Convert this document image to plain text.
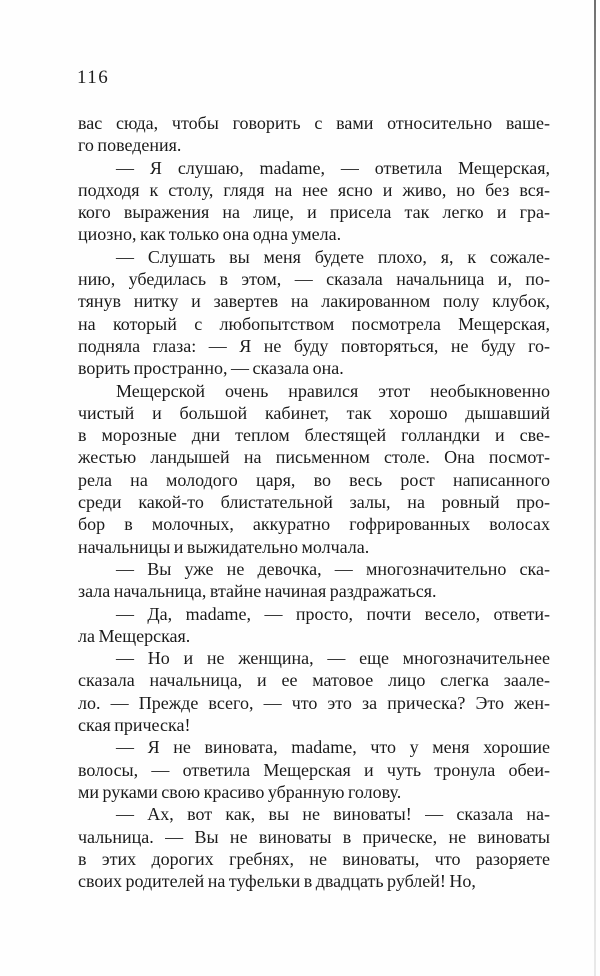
116
вас сюда, чтобы говорить с вами относительно ваше-
го поведения.
— Я слушаю, madame, — ответила Мещерская,
подходя к столу, глядя на нее ясно и живо, но без вся-
кого выражения на лице, и присела так легко и гра-
циозно, как только она одна умела.
— Слушать вы меня будете плохо, я, к сожале-
нию, убедилась в этом, — сказала начальница и, по-
тянув нитку и завертев на лакированном полу клубок,
на который с любопытством посмотрела Мещерская,
подняла глаза: — Я не буду повторяться, не буду го-
ворить пространно, — сказала она.
Мещерской очень нравился этот необыкновенно
чистый и большой кабинет, так хорошо дышавший
в морозные дни теплом блестящей голландки и све-
жестью ландышей на письменном столе. Она посмот-
рела на молодого царя, во весь рост написанного
среди какой-то блистательной залы, на ровный про-
бор в молочных, аккуратно гофрированных волосах
начальницы и выжидательно молчала.
— Вы уже не девочка, — многозначительно ска-
зала начальница, втайне начиная раздражаться.
— Да, madame, — просто, почти весело, ответи-
ла Мещерская.
— Но и не женщина, — еще многозначительнее
сказала начальница, и ее матовое лицо слегка заале-
ло. — Прежде всего, — что это за прическа? Это жен-
ская прическа!
— Я не виновата, madame, что у меня хорошие
волосы, — ответила Мещерская и чуть тронула обеи-
ми руками свою красиво убранную голову.
— Ах, вот как, вы не виноваты! — сказала на-
чальница. — Вы не виноваты в прическе, не виноваты
в этих дорогих гребнях, не виноваты, что разоряете
своих родителей на туфельки в двадцать рублей! Но,
